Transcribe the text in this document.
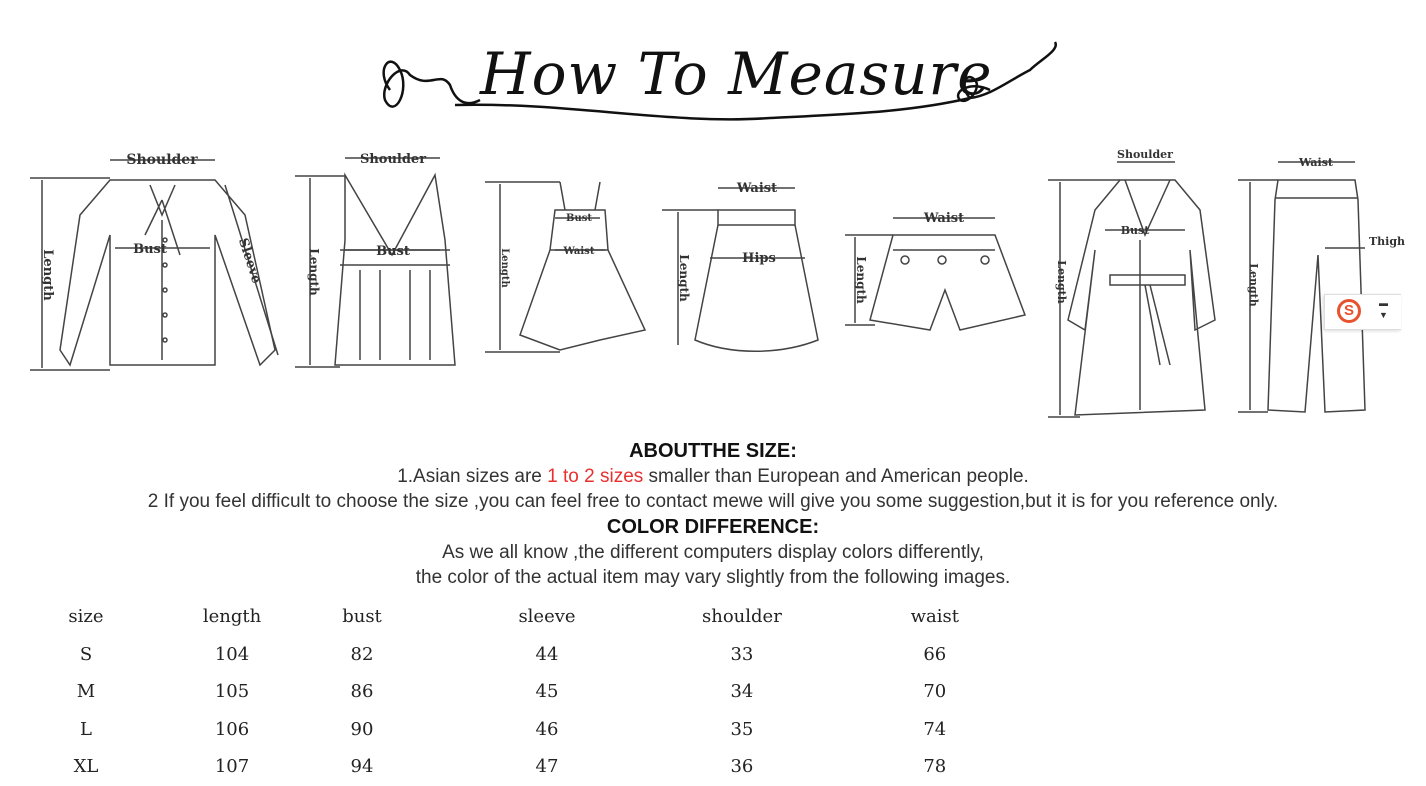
How To Measure
Shoulder
Bust
Length	Sleeve
Shoulder
Bust
Length
Bust
Waist
Length
Waist
Hips
Length
Waist
Length
Shoulder
Bust
Length
Waist
Thigh
Length
S	▬
▼
ABOUTTHE SIZE:
1.Asian sizes are 1 to 2 sizes smaller than European and American people.
2 If you feel difficult to choose the size ,you can feel free to contact mewe will give you some suggestion,but it is for you reference only.
COLOR DIFFERENCE:
As we all know ,the different computers display colors differently,
the color of the actual item may vary slightly from the following images.
size	length	bust	sleeve	shoulder	waist
S	104	82	44	33	66
M	105	86	45	34	70
L	106	90	46	35	74
XL	107	94	47	36	78
